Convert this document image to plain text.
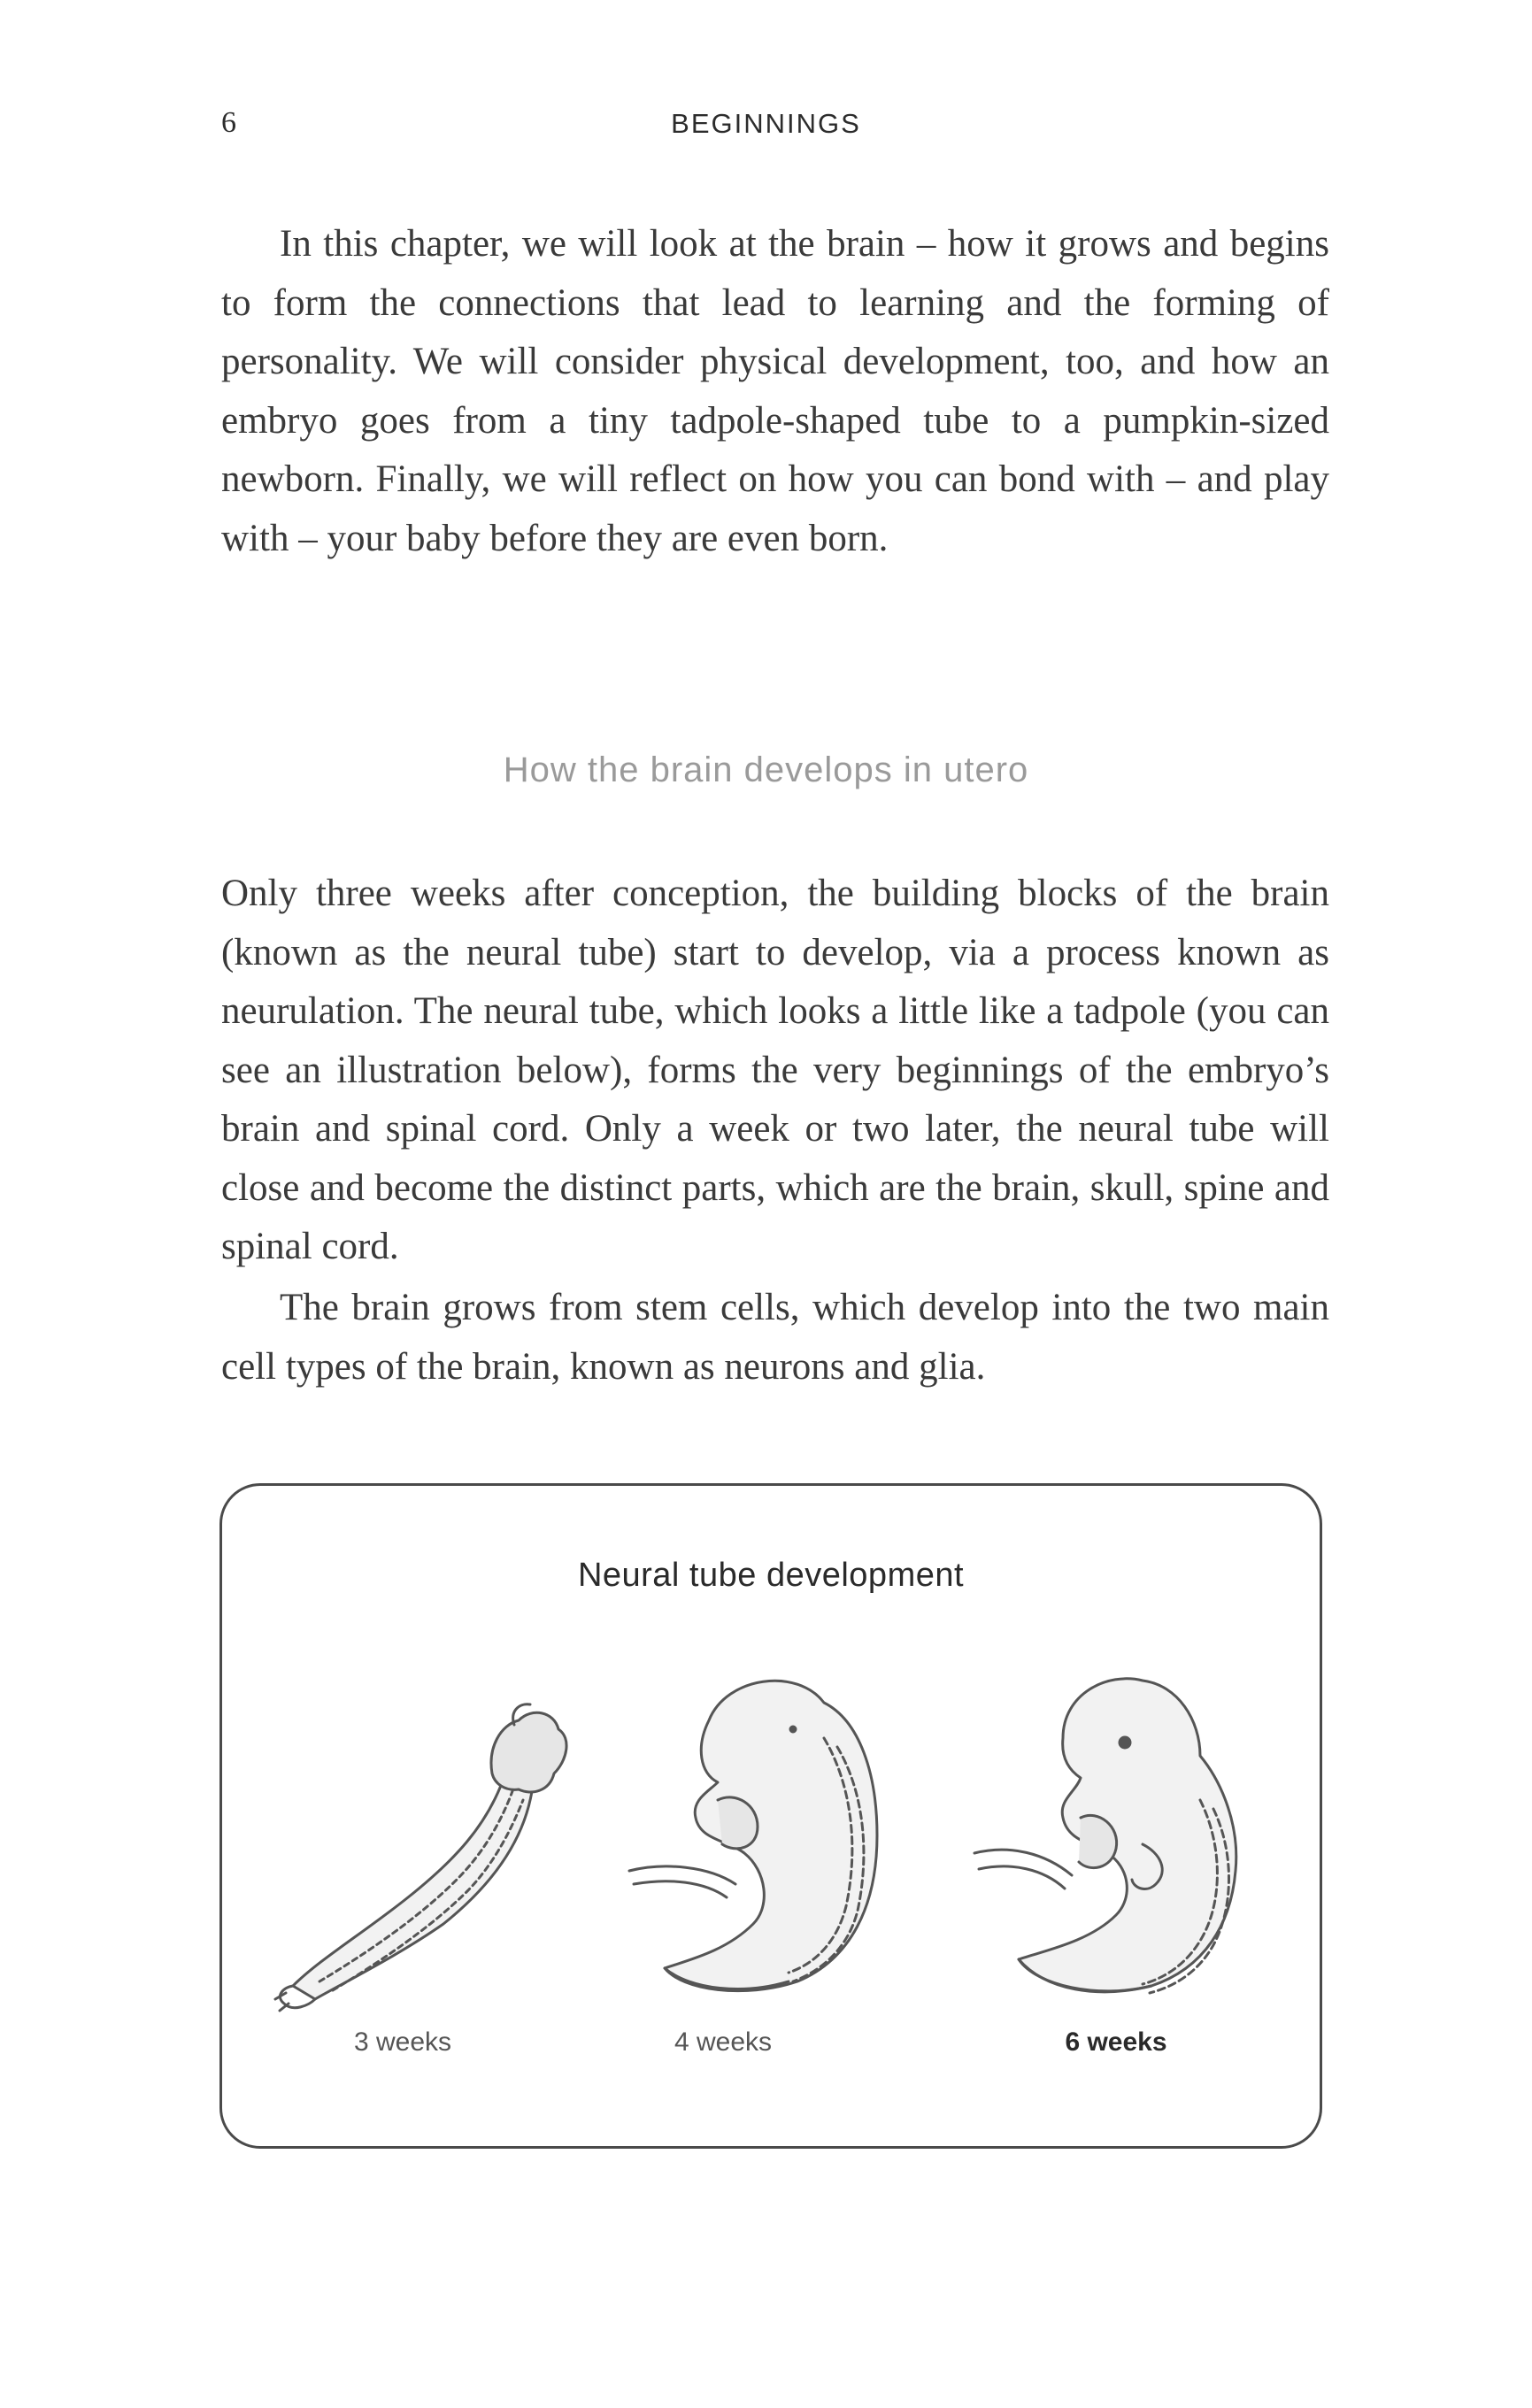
6	BEGINNINGS

In this chapter, we will look at the brain – how it grows and begins to form the connections that lead to learning and the forming of personality. We will consider physical development, too, and how an embryo goes from a tiny tadpole-shaped tube to a pumpkin-sized newborn. Finally, we will reflect on how you can bond with – and play with – your baby before they are even born.

How the brain develops in utero

Only three weeks after conception, the building blocks of the brain (known as the neural tube) start to develop, via a process known as neurulation. The neural tube, which looks a little like a tadpole (you can see an illustration below), forms the very beginnings of the embryo’s brain and spinal cord. Only a week or two later, the neural tube will close and become the distinct parts, which are the brain, skull, spine and spinal cord.

The brain grows from stem cells, which develop into the two main cell types of the brain, known as neurons and glia.

Neural tube development
3 weeks	4 weeks	6 weeks
